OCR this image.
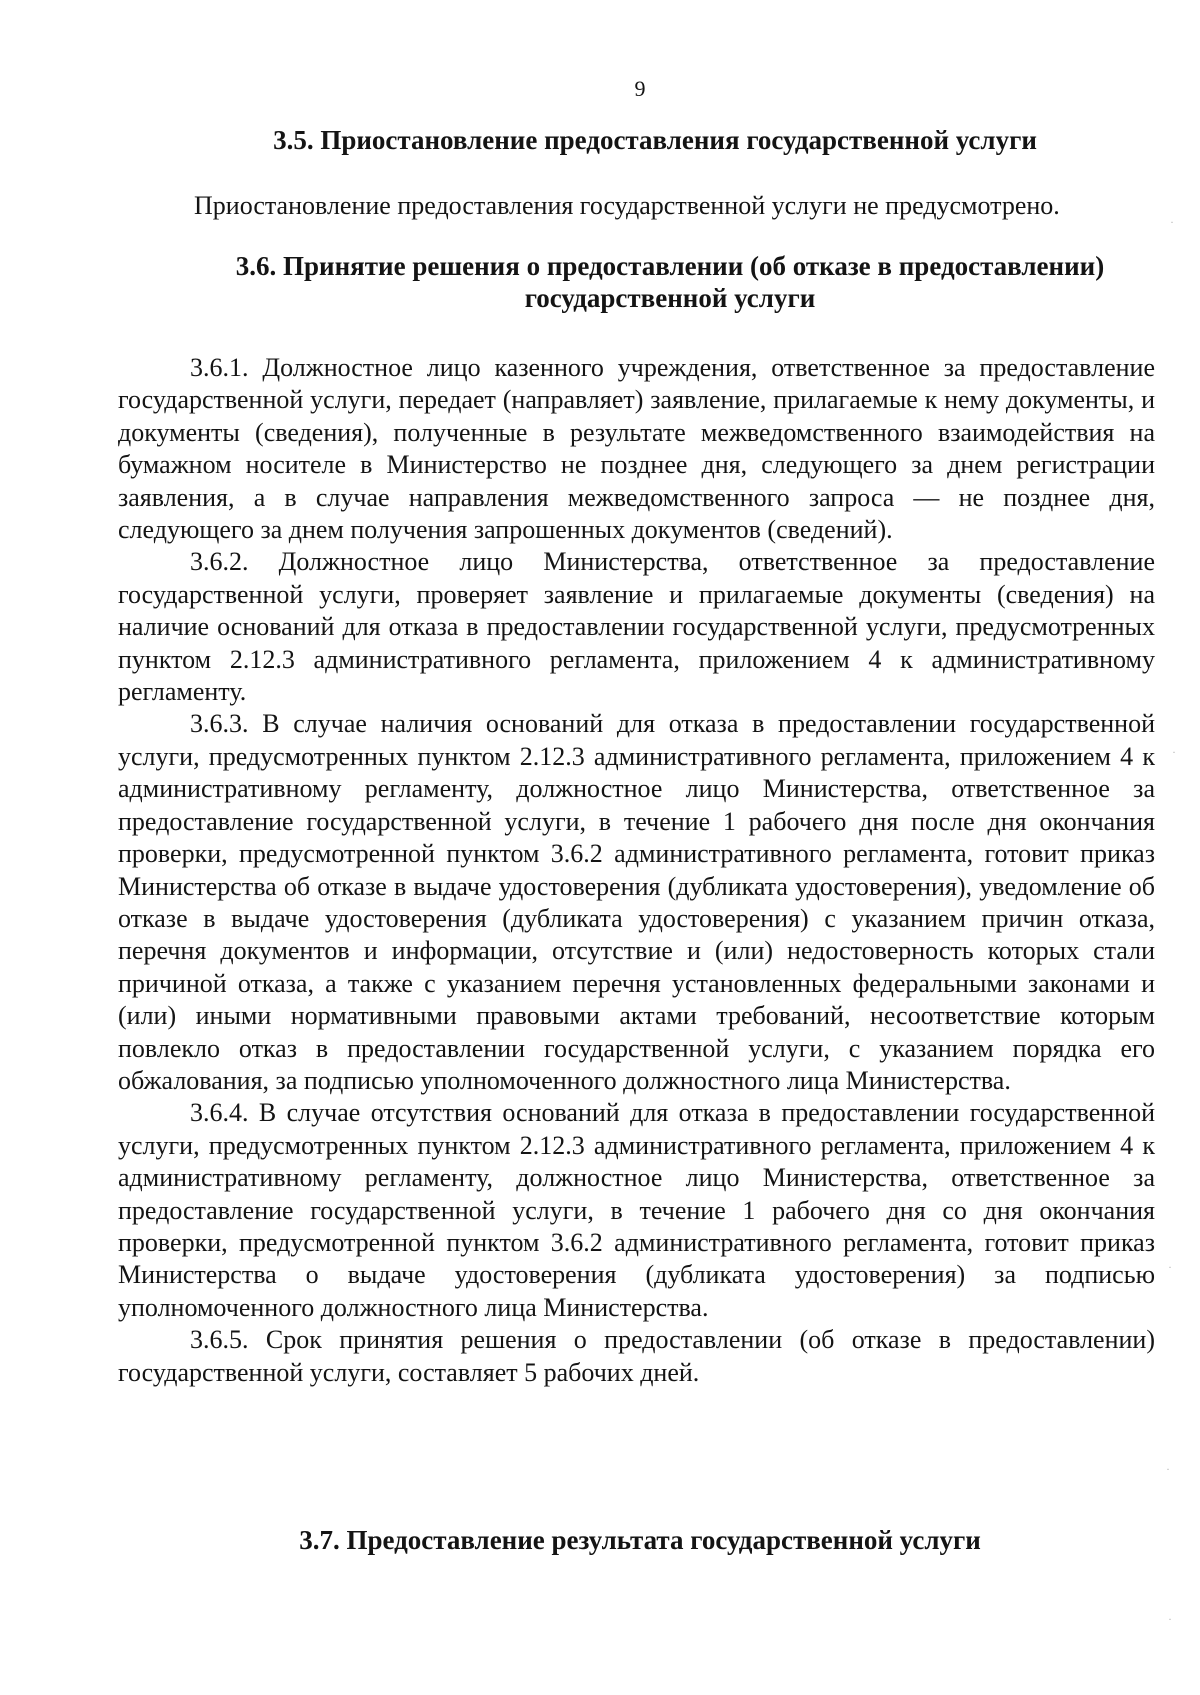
9
3.5. Приостановление предоставления государственной услуги
Приостановление предоставления государственной услуги не предусмотрено.
3.6. Принятие решения о предоставлении (об отказе в предоставлении)
государственной услуги

3.6.1. Должностное лицо казенного учреждения, ответственное за предоставление государственной услуги, передает (направляет) заявление, прилагаемые к нему документы, и документы (сведения), полученные в результате межведомственного взаимодействия на бумажном носителе в Министерство не позднее дня, следующего за днем регистрации заявления, а в случае направления межведомственного запроса — не позднее дня, следующего за днем получения запрошенных документов (сведений).

3.6.2. Должностное лицо Министерства, ответственное за предоставление государственной услуги, проверяет заявление и прилагаемые документы (сведения) на наличие оснований для отказа в предоставлении государственной услуги, предусмотренных пунктом 2.12.3 административного регламента, приложением 4 к административному регламенту.

3.6.3. В случае наличия оснований для отказа в предоставлении государственной услуги, предусмотренных пунктом 2.12.3 административного регламента, приложением 4 к административному регламенту, должностное лицо Министерства, ответственное за предоставление государственной услуги, в течение 1 рабочего дня после дня окончания проверки, предусмотренной пунктом 3.6.2 административного регламента, готовит приказ Министерства об отказе в выдаче удостоверения (дубликата удостоверения), уведомление об отказе в выдаче удостоверения (дубликата удостоверения) с указанием причин отказа, перечня документов и информации, отсутствие и (или) недостоверность которых стали причиной отказа, а также с указанием перечня установленных федеральными законами и (или) иными нормативными правовыми актами требований, несоответствие которым повлекло отказ в предоставлении государственной услуги, с указанием порядка его обжалования, за подписью уполномоченного должностного лица Министерства.

3.6.4. В случае отсутствия оснований для отказа в предоставлении государственной услуги, предусмотренных пунктом 2.12.3 административного регламента, приложением 4 к административному регламенту, должностное лицо Министерства, ответственное за предоставление государственной услуги, в течение 1 рабочего дня со дня окончания проверки, предусмотренной пунктом 3.6.2 административного регламента, готовит приказ Министерства о выдаче удостоверения (дубликата удостоверения) за подписью уполномоченного должностного лица Министерства.

3.6.5. Срок принятия решения о предоставлении (об отказе в предоставлении) государственной услуги, составляет 5 рабочих дней.

3.7. Предоставление результата государственной услуги
·
·
·
·
·
